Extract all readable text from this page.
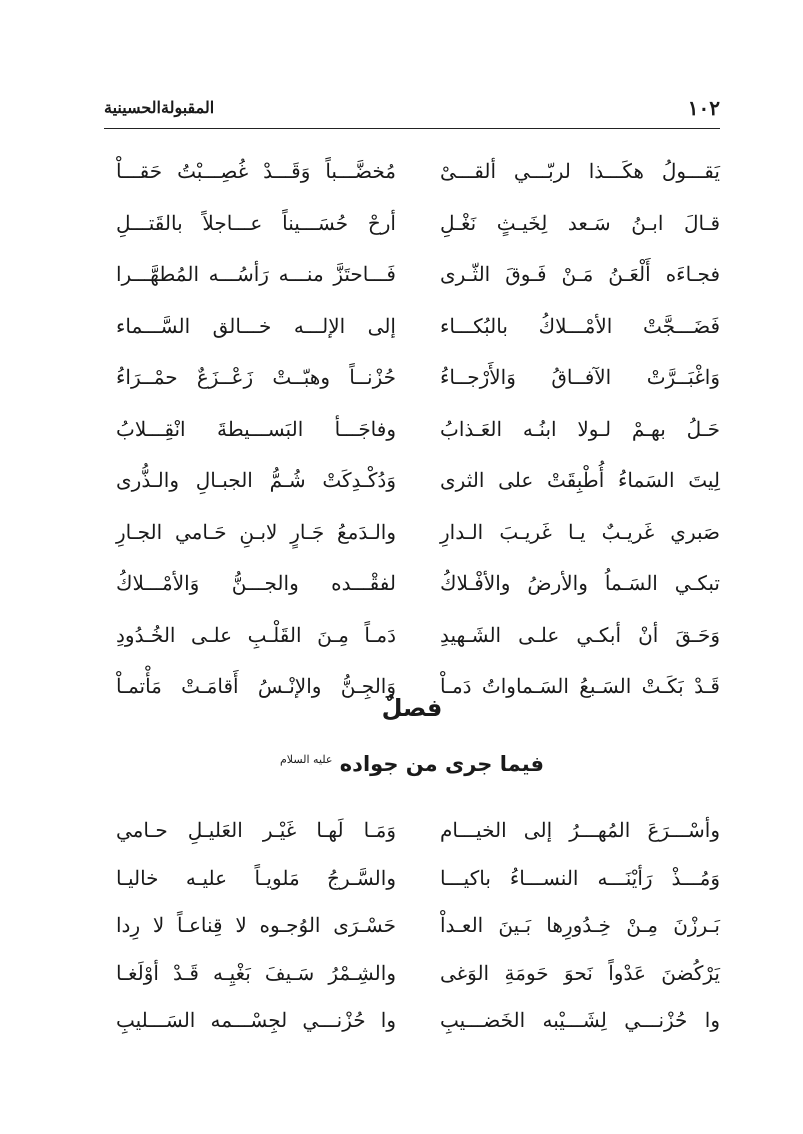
١٠٢
المقبولةالحسينية
يَقـــولُ هكَـــذا لربّـــي ألقـــىْ
مُخضَّـــباً وَقَـــدْ غُصِـــبْتُ حَقـــاْ
قـالَ ابـنُ سَـعد لِخَيـثٍ نَغْـلِ
أرحْ حُسَـــيناً عـــاجلاً بالقَتـــلِ
فجـاءَه أَلْعَـنُ مَـنْ فَـوقَ الثّـرى
فَـــاحتَزَّ منـــه رَأسُـــه المُطهَّـــرا
فَضَـــجَّتْ الأمْـــلاكُ بالبُكـــاء
إلى الإلـــه خـــالق السَّـــماء
وَاغْبَــرَّتْ الآفــاقُ وَالأَرْجــاءُ
حُزْنــاً وهبّــتْ زَعْــزَعٌ حمْــرَاءُ
حَـلُ بهـمْ لـولا ابنُـه العَـذابُ
وفاجَـــأ البَســـيطةَ انْقِـــلابُ
لِيتَ السَماءُ أُطْبِقَتْ على الثرى
وَدُكْـدِكَتْ شُـمُّ الجبـالِ والـذُّرى
صَبري غَريـبٌ يـا غَريـبَ الـدارِ
والـدَمعُ جَـارٍ لابـنِ حَـامي الجـارِ
تبكـي السَـماُ والأرضُ والأفْـلاكُ
لفقْـــده والجـــنُّ وَالأمْـــلاكُ
وَحَـقَ أنْ أبكـي علـى الشَـهيدِ
دَمـاً مِـنَ القَلْـبِ علـى الخُـدُودِ
قَـدْ بَكَـتْ السَـبعُ السَـماواتُ دَمـاْ
وَالجِـنُّ والإنْـسُ أَقامَـتْ مَأْتمـاْ
فصلٌ
فيما جرى من جواده $^{عليه السلام}$
وأسْـــرَعَ المُهـــرُ إلى الخيـــام
وَمَـا لَهـا غَيْـر العَليـلِ حـامي
وَمُـــذْ رَأيْنَـــه النســـاءُ باكيـــا
والسَّـرجُ مَلويـاً عليـه خاليـا
بَـرزْنَ مِـنْ خِـدُورِها بَـينَ العـداْ
حَسْـرَى الوُجـوه لا قِناعـاً لا رِدا
يَرْكُضنَ عَدْواً نَحوَ حَومَةِ الوَغى
والشِـمْرُ سَـيفَ بَغْيِـه قَـدْ أوْلَغـا
وا حُزْنـــي لِشَـــيْبه الخَضـــيبِ
وا حُزْنـــي لجِسْـــمه السَـــليبِ
